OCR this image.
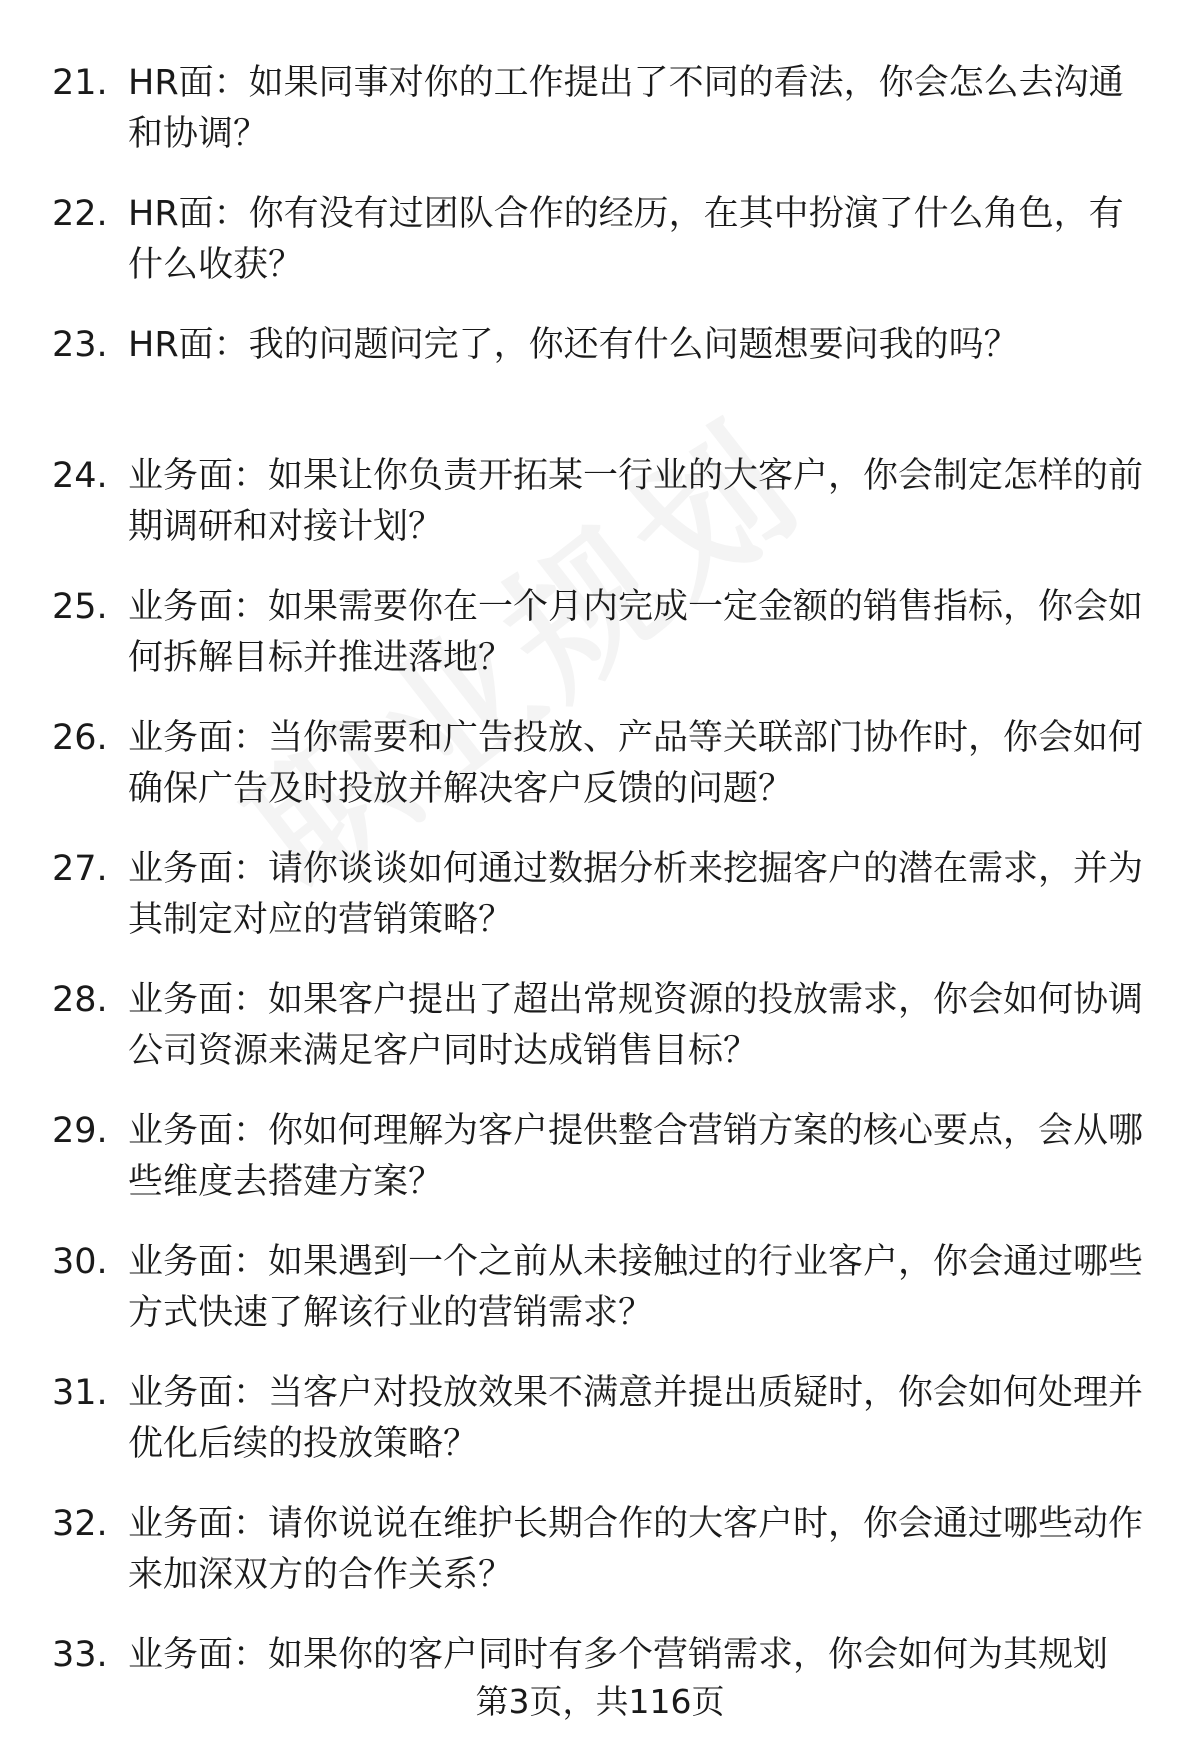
21. HR面：如果同事对你的工作提出了不同的看法，你会怎么去沟通和协调？
22. HR面：你有没有过团队合作的经历，在其中扮演了什么角色，有什么收获？
23. HR面：我的问题问完了，你还有什么问题想要问我的吗？
24. 业务面：如果让你负责开拓某一行业的大客户，你会制定怎样的前期调研和对接计划？
25. 业务面：如果需要你在一个月内完成一定金额的销售指标，你会如何拆解目标并推进落地？
26. 业务面：当你需要和广告投放、产品等关联部门协作时，你会如何确保广告及时投放并解决客户反馈的问题？
27. 业务面：请你谈谈如何通过数据分析来挖掘客户的潜在需求，并为其制定对应的营销策略？
28. 业务面：如果客户提出了超出常规资源的投放需求，你会如何协调公司资源来满足客户同时达成销售目标？
29. 业务面：你如何理解为客户提供整合营销方案的核心要点，会从哪些维度去搭建方案？
30. 业务面：如果遇到一个之前从未接触过的行业客户，你会通过哪些方式快速了解该行业的营销需求？
31. 业务面：当客户对投放效果不满意并提出质疑时，你会如何处理并优化后续的投放策略？
32. 业务面：请你说说在维护长期合作的大客户时，你会通过哪些动作来加深双方的合作关系？
33. 业务面：如果你的客户同时有多个营销需求，你会如何为其规划
第3页，共116页
